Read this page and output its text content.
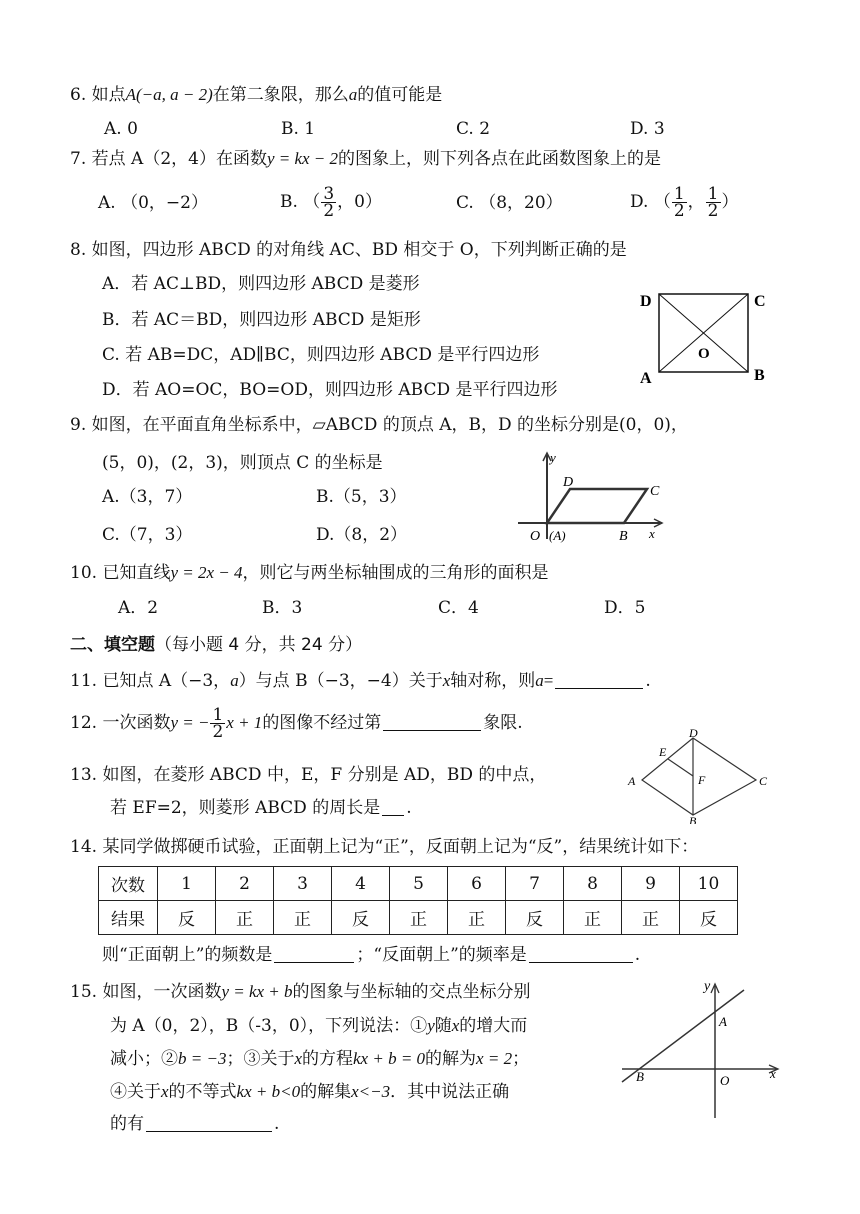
6. 如点A(−a, a − 2)在第二象限，那么a的值可能是
A. 0	B. 1	C. 2	D. 3
7. 若点 A（2，4）在函数y = kx − 2的图象上，则下列各点在此函数图象上的是
A. （0，−2）	B. （ $\frac{3}{2}$ ，0）	C. （8，20）	D. （ $\frac{1}{2}$ ， $\frac{1}{2}$ ）
8. 如图，四边形 ABCD 的对角线 AC、BD 相交于 O，下列判断正确的是
A．若 AC⊥BD，则四边形 ABCD 是菱形
B．若 AC＝BD，则四边形 ABCD 是矩形
C. 若 AB=DC，AD∥BC，则四边形 ABCD 是平行四边形
D．若 AO=OC，BO=OD，则四边形 ABCD 是平行四边形
D	C
A	B
O
9. 如图，在平面直角坐标系中，▱ABCD 的顶点 A，B，D 的坐标分别是(0，0)，
(5，0)，(2，3)，则顶点 C 的坐标是
A.（3，7）	B.（5，3）
C.（7，3）	D.（8，2）
y
D
C
O (A)	B x
10. 已知直线y = 2x − 4，则它与两坐标轴围成的三角形的面积是
A．2	B．3	C．4	D．5
二、填空题（每小题 4 分，共 24 分）
11. 已知点 A（−3，a）与点 B（−3，−4）关于x轴对称，则a=	.
12. 一次函数y = − $\frac{1}{2}$ x + 1的图像不经过第	象限.
13. 如图，在菱形 ABCD 中，E，F 分别是 AD，BD 的中点，
若 EF=2，则菱形 ABCD 的周长是 .
A
D
C
B
E
F
14. 某同学做掷硬币试验，正面朝上记为“正”，反面朝上记为“反”，结果统计如下：
次数	1	2	3	4	5	6	7	8	9	10
结果	反	正	正	反	正	正	反	正	正	反
则“正面朝上”的频数是	；“反面朝上”的频率是	.
15. 如图，一次函数y = kx + b的图象与坐标轴的交点坐标分别
为 A（0，2），B（-3，0），下列说法：①y随x的增大而
减小；②b = −3；③关于x的方程kx + b = 0的解为x = 2；
④关于x的不等式kx + b<0的解集x<−3．其中说法正确
的有	.
y
A
B	O	x
